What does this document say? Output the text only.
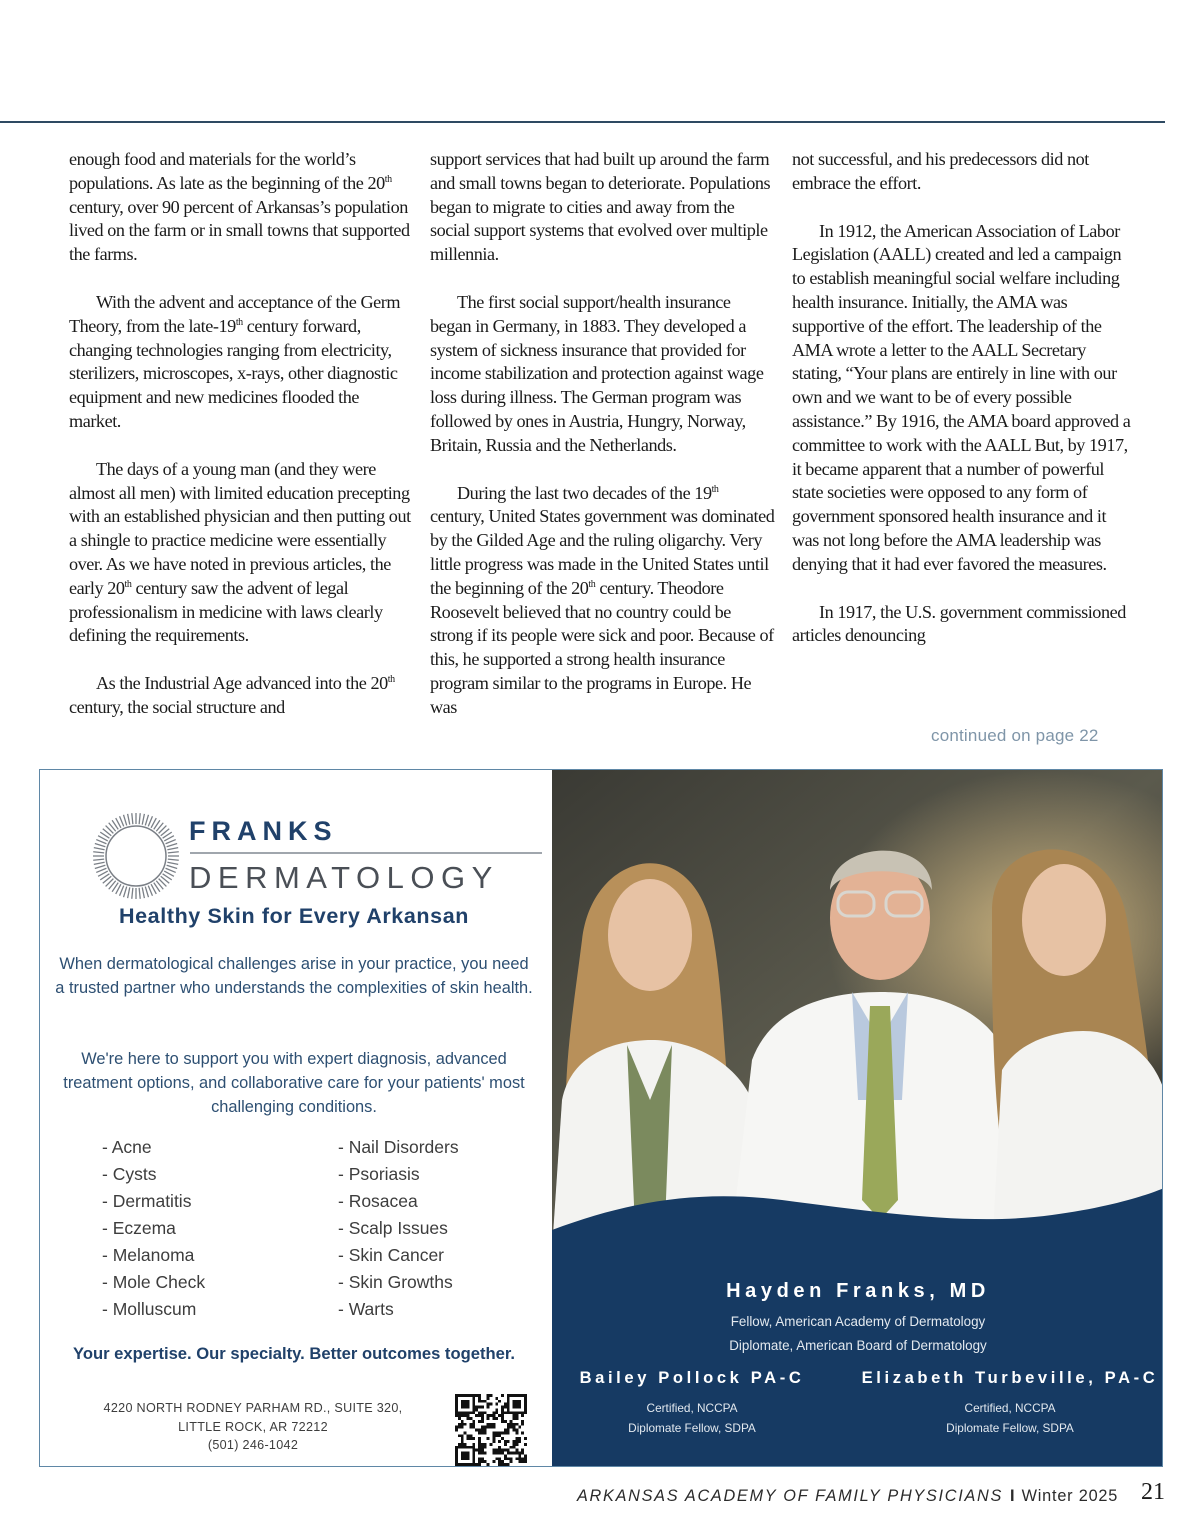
enough food and materials for the world’s populations. As late as the beginning of the 20th century, over 90 percent of Arkansas’s population lived on the farm or in small towns that supported the farms.

With the advent and acceptance of the Germ Theory, from the late-19th century forward, changing technologies ranging from electricity, sterilizers, microscopes, x-rays, other diagnostic equipment and new medicines flooded the market.

The days of a young man (and they were almost all men) with limited education precepting with an established physician and then putting out a shingle to practice medicine were essentially over. As we have noted in previous articles, the early 20th century saw the advent of legal professionalism in medicine with laws clearly defining the requirements.

As the Industrial Age advanced into the 20th century, the social structure and

support services that had built up around the farm and small towns began to deteriorate. Populations began to migrate to cities and away from the social support systems that evolved over multiple millennia.

The first social support/health insurance began in Germany, in 1883. They developed a system of sickness insurance that provided for income stabilization and protection against wage loss during illness. The German program was followed by ones in Austria, Hungry, Norway, Britain, Russia and the Netherlands.

During the last two decades of the 19th century, United States government was dominated by the Gilded Age and the ruling oligarchy. Very little progress was made in the United States until the beginning of the 20th century. Theodore Roosevelt believed that no country could be strong if its people were sick and poor. Because of this, he supported a strong health insurance program similar to the programs in Europe. He was

not successful, and his predecessors did not embrace the effort.

In 1912, the American Association of Labor Legislation (AALL) created and led a campaign to establish meaningful social welfare including health insurance. Initially, the AMA was supportive of the effort. The leadership of the AMA wrote a letter to the AALL Secretary stating, “Your plans are entirely in line with our own and we want to be of every possible assistance.” By 1916, the AMA board approved a committee to work with the AALL But, by 1917, it became apparent that a number of powerful state societies were opposed to any form of government sponsored health insurance and it was not long before the AMA leadership was denying that it had ever favored the measures.

In 1917, the U.S. government commissioned articles denouncing

continued on page 22
FRANKS
DERMATOLOGY
Healthy Skin for Every Arkansan
When dermatological challenges arise in your practice, you need a trusted partner who understands the complexities of skin health.
We're here to support you with expert diagnosis, advanced treatment options, and collaborative care for your patients' most challenging conditions.
- Acne
- Cysts
- Dermatitis
- Eczema
- Melanoma
- Mole Check
- Molluscum
- Nail Disorders
- Psoriasis
- Rosacea
- Scalp Issues
- Skin Cancer
- Skin Growths
- Warts
Your expertise. Our specialty. Better outcomes together.
4220 NORTH RODNEY PARHAM RD., SUITE 320,
LITTLE ROCK, AR 72212
(501) 246-1042
Hayden Franks, MD
Fellow, American Academy of Dermatology
Diplomate, American Board of Dermatology
Bailey Pollock PA-C
Certified, NCCPA
Diplomate Fellow, SDPA
Elizabeth Turbeville, PA-C
Certified, NCCPA
Diplomate Fellow, SDPA
ARKANSAS ACADEMY OF FAMILY PHYSICIANS I Winter 2025 21
